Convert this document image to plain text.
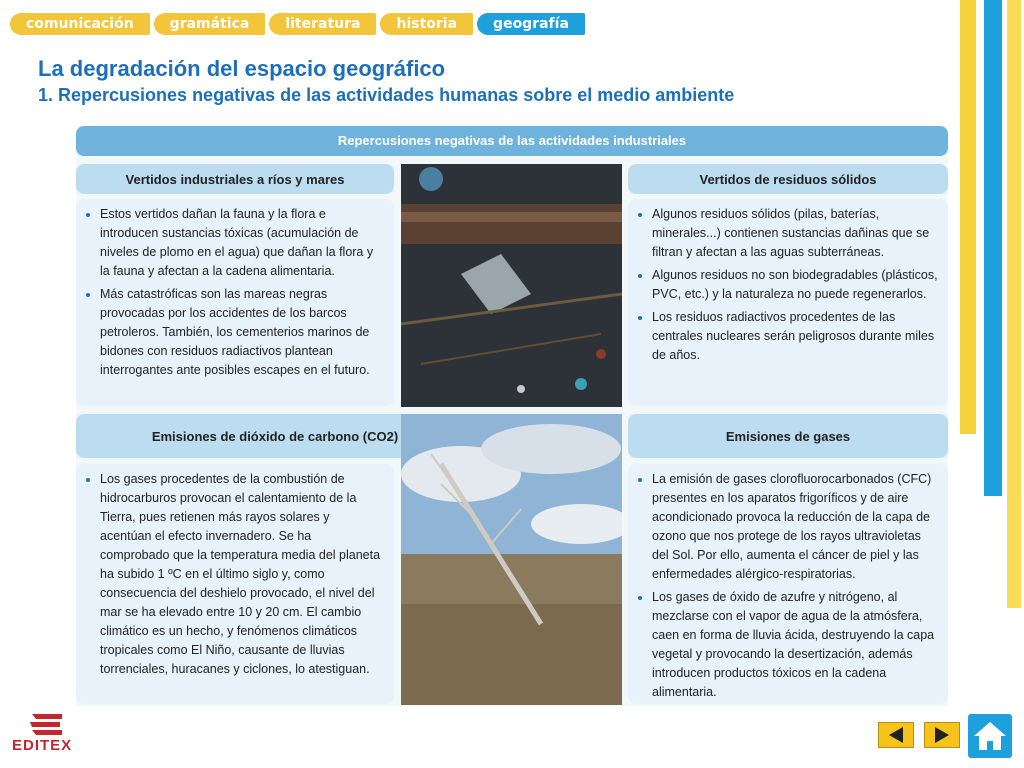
comunicación	gramática	literatura	historia	geografía
La degradación del espacio geográfico
1. Repercusiones negativas de las actividades humanas sobre el medio ambiente
Repercusiones negativas de las actividades industriales
Vertidos industriales a ríos y mares
• Estos vertidos dañan la fauna y la flora e introducen sustancias tóxicas (acumulación de niveles de plomo en el agua) que dañan la flora y la fauna y afectan a la cadena alimentaria.
• Más catastróficas son las mareas negras provocadas por los accidentes de los barcos petroleros. También, los cementerios marinos de bidones con residuos radiactivos plantean interrogantes ante posibles escapes en el futuro.
Vertidos de residuos sólidos
• Algunos residuos sólidos (pilas, baterías, minerales...) contienen sustancias dañinas que se filtran y afectan a las aguas subterráneas.
• Algunos residuos no son biodegradables (plásticos, PVC, etc.) y la naturaleza no puede regenerarlos.
• Los residuos radiactivos procedentes de las centrales nucleares serán peligrosos durante miles de años.
Emisiones de dióxido de carbono (CO2)
• Los gases procedentes de la combustión de hidrocarburos provocan el calentamiento de la Tierra, pues retienen más rayos solares y acentúan el efecto invernadero. Se ha comprobado que la temperatura media del planeta ha subido 1 ºC en el último siglo y, como consecuencia del deshielo provocado, el nivel del mar se ha elevado entre 10 y 20 cm. El cambio climático es un hecho, y fenómenos climáticos tropicales como El Niño, causante de lluvias torrenciales, huracanes y ciclones, lo atestiguan.
Emisiones de gases
• La emisión de gases clorofluorocarbonados (CFC) presentes en los aparatos frigoríficos y de aire acondicionado provoca la reducción de la capa de ozono que nos protege de los rayos ultravioletas del Sol. Por ello, aumenta el cáncer de piel y las enfermedades alérgico-respiratorias.
• Los gases de óxido de azufre y nitrógeno, al mezclarse con el vapor de agua de la atmósfera, caen en forma de lluvia ácida, destruyendo la capa vegetal y provocando la desertización, además introducen productos tóxicos en la cadena alimentaria.
EDITEX
